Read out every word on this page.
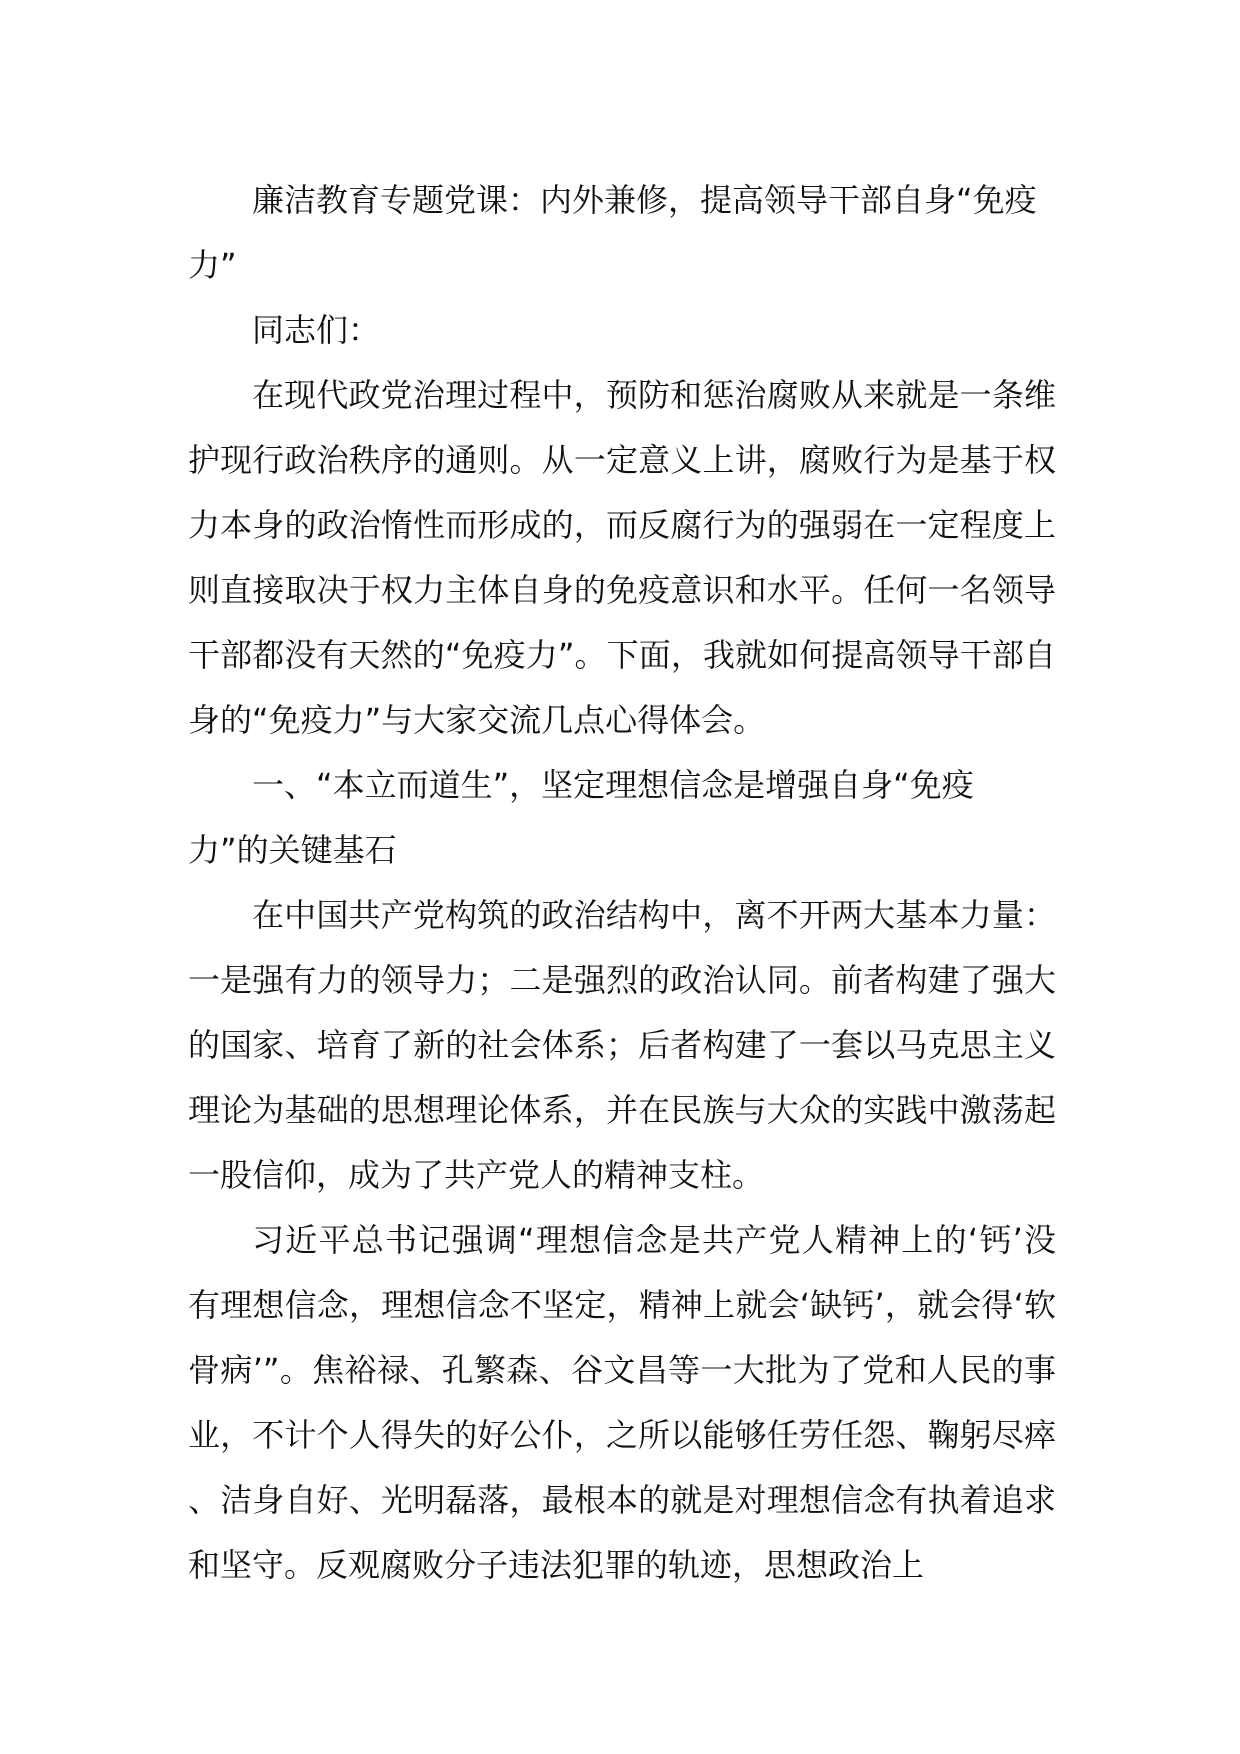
廉洁教育专题党课：内外兼修，提高领导干部自身“免疫

力”

同志们：

在现代政党治理过程中，预防和惩治腐败从来就是一条维护现行政治秩序的通则。从一定意义上讲，腐败行为是基于权力本身的政治惰性而形成的，而反腐行为的强弱在一定程度上则直接取决于权力主体自身的免疫意识和水平。任何一名领导干部都没有天然的“免疫力”。下面，我就如何提高领导干部自身的“免疫力”与大家交流几点心得体会。

一、“本立而道生”，坚定理想信念是增强自身“免疫

力”的关键基石

在中国共产党构筑的政治结构中，离不开两大基本力量：一是强有力的领导力；二是强烈的政治认同。前者构建了强大的国家、培育了新的社会体系；后者构建了一套以马克思主义理论为基础的思想理论体系，并在民族与大众的实践中激荡起一股信仰，成为了共产党人的精神支柱。

习近平总书记强调“理想信念是共产党人精神上的‘钙’没有理想信念，理想信念不坚定，精神上就会‘缺钙’，就会得‘软骨病’”。焦裕禄、孔繁森、谷文昌等一大批为了党和人民的事业，不计个人得失的好公仆，之所以能够任劳任怨、鞠躬尽瘁、洁身自好、光明磊落，最根本的就是对理想信念有执着追求和坚守。反观腐败分子违法犯罪的轨迹，思想政治上
